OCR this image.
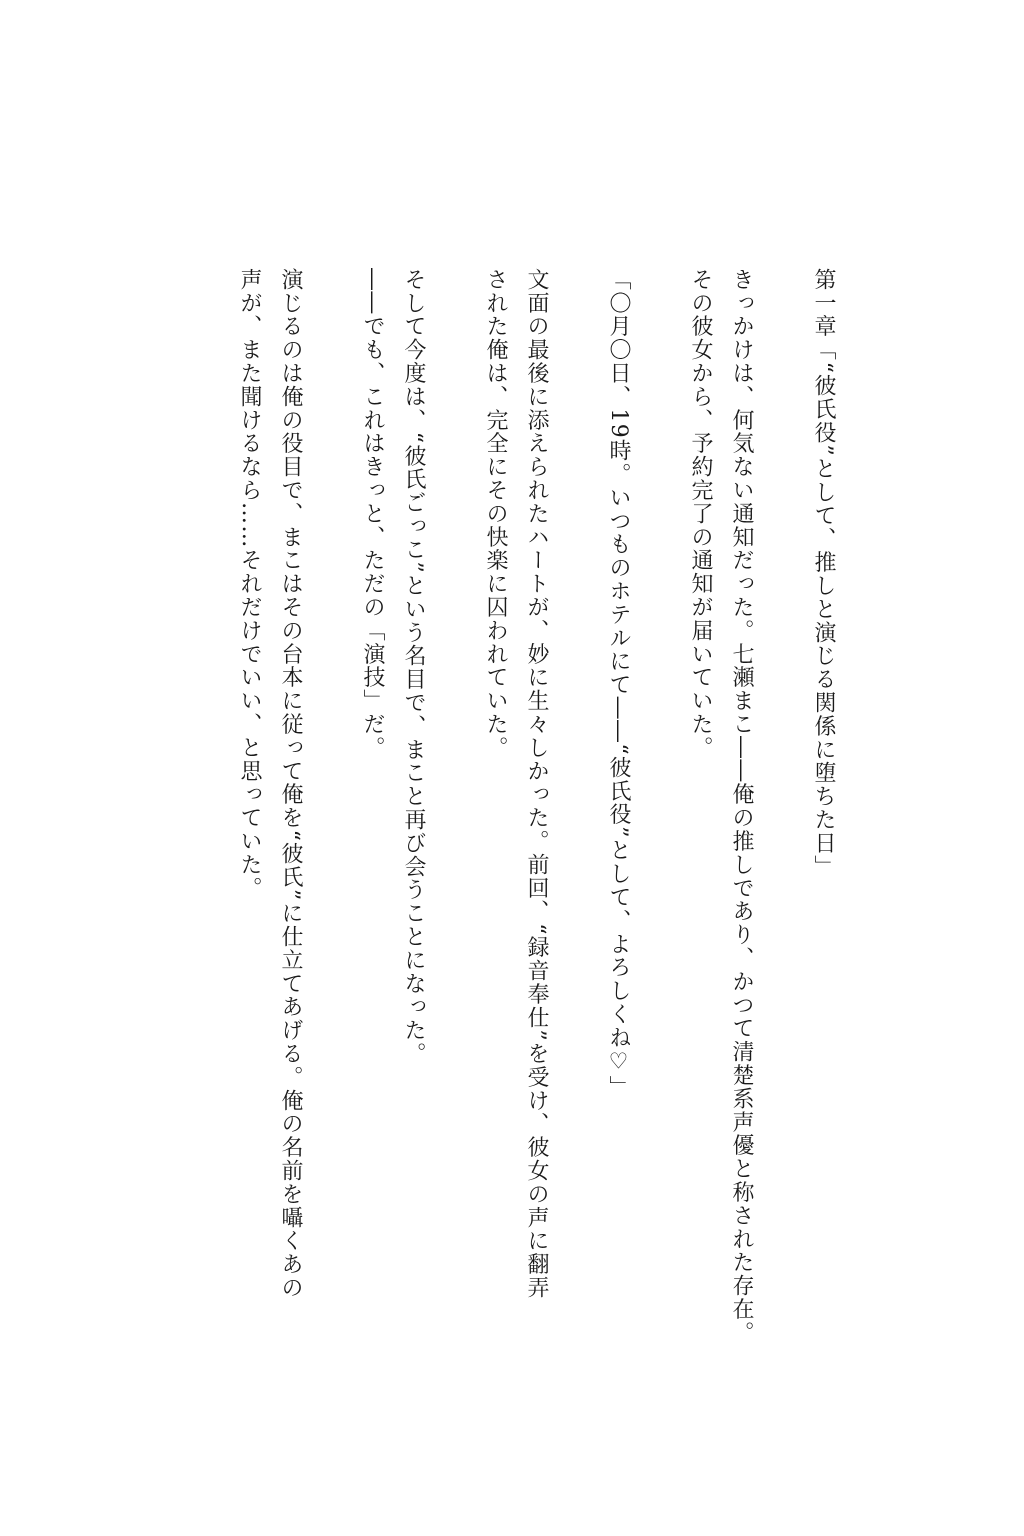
第一章「“彼氏役”として、推しと演じる関係に堕ちた日」
きっかけは、何気ない通知だった。七瀬まこ――俺の推しであり、かつて清楚系声優と称された存在。
その彼女から、予約完了の通知が届いていた。
「〇月〇日、19時。いつものホテルにて――“彼氏役”として、よろしくね♡」
文面の最後に添えられたハートが、妙に生々しかった。前回、“録音奉仕”を受け、彼女の声に翻弄
された俺は、完全にその快楽に囚われていた。
そして今度は、“彼氏ごっこ”という名目で、まこと再び会うことになった。
――でも、これはきっと、ただの「演技」だ。
演じるのは俺の役目で、まこはその台本に従って俺を“彼氏”に仕立てあげる。俺の名前を囁くあの
声が、また聞けるなら……それだけでいい、と思っていた。
